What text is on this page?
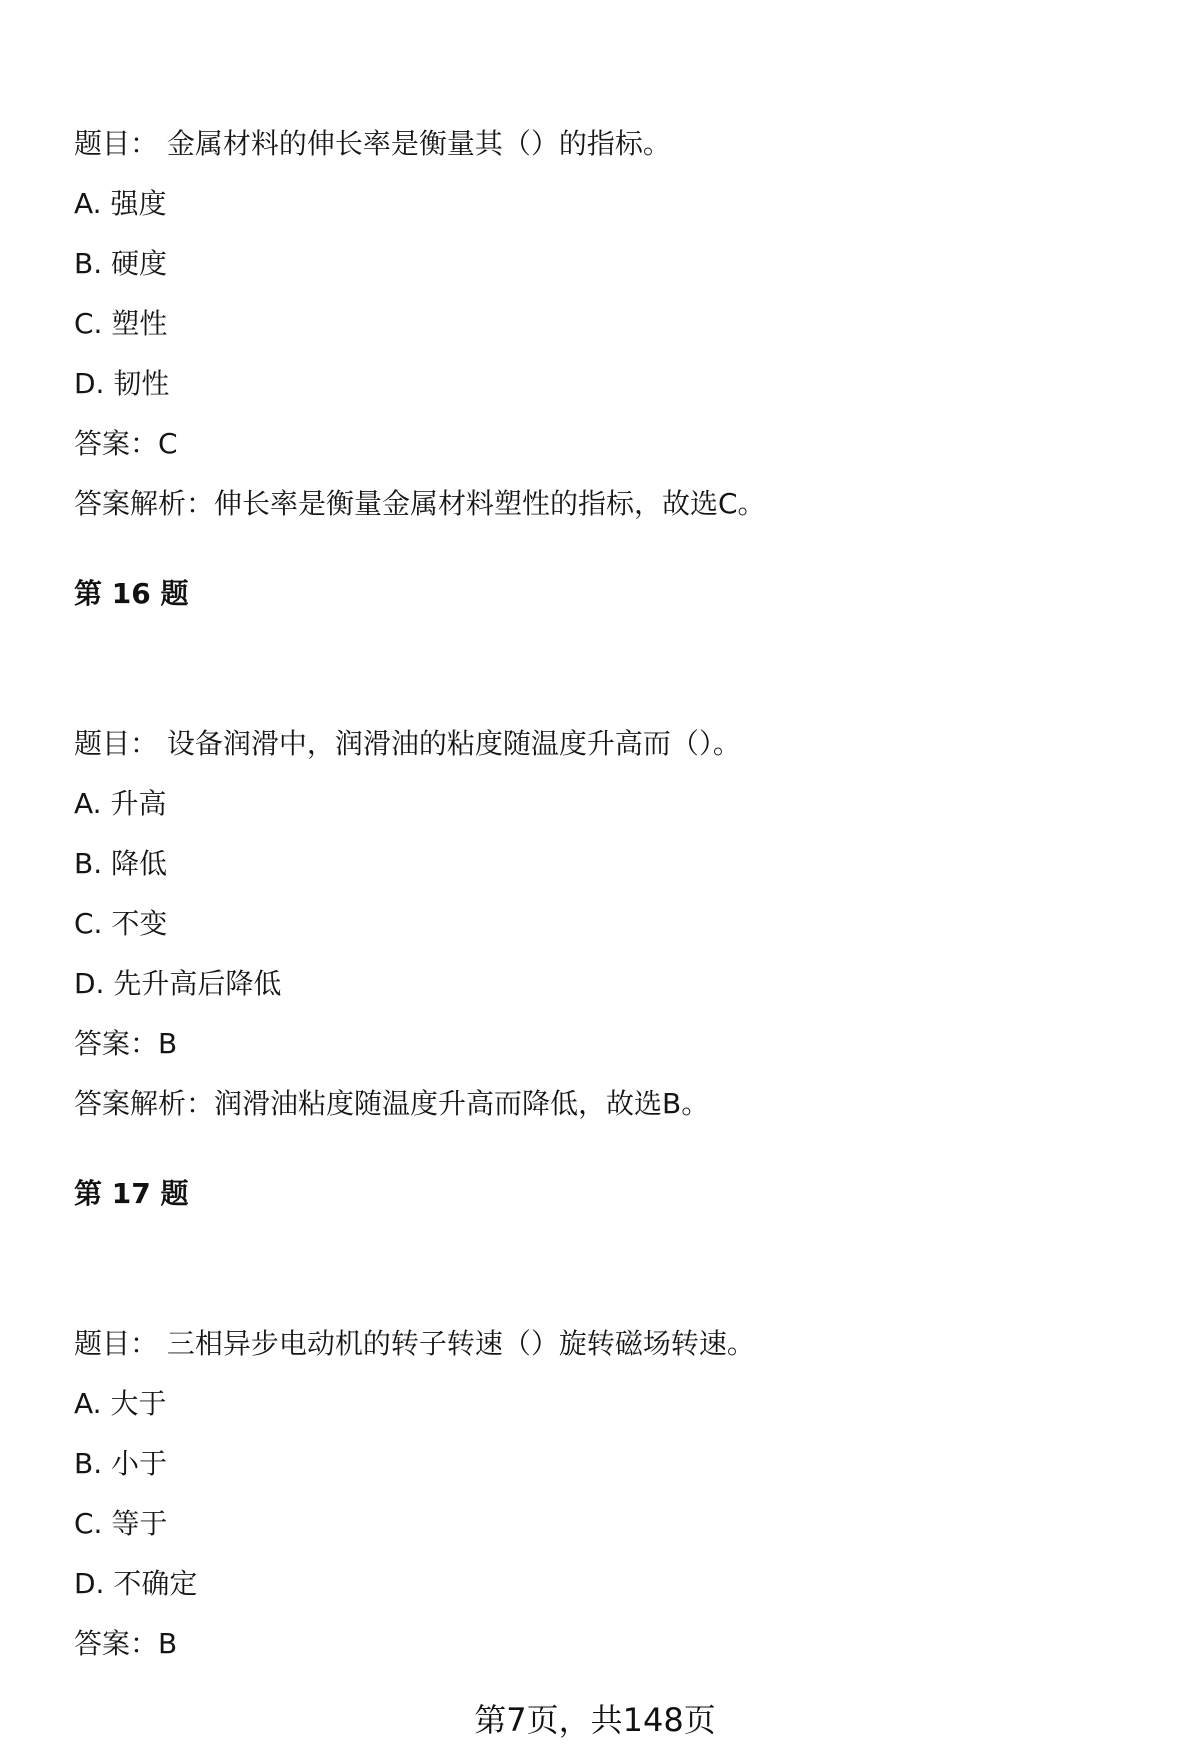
题目： 金属材料的伸长率是衡量其（）的指标。
A. 强度
B. 硬度
C. 塑性
D. 韧性
答案：C
答案解析：伸长率是衡量金属材料塑性的指标，故选C。
第 16 题
题目： 设备润滑中，润滑油的粘度随温度升高而（）。
A. 升高
B. 降低
C. 不变
D. 先升高后降低
答案：B
答案解析：润滑油粘度随温度升高而降低，故选B。
第 17 题
题目： 三相异步电动机的转子转速（）旋转磁场转速。
A. 大于
B. 小于
C. 等于
D. 不确定
答案：B
第7页，共148页
